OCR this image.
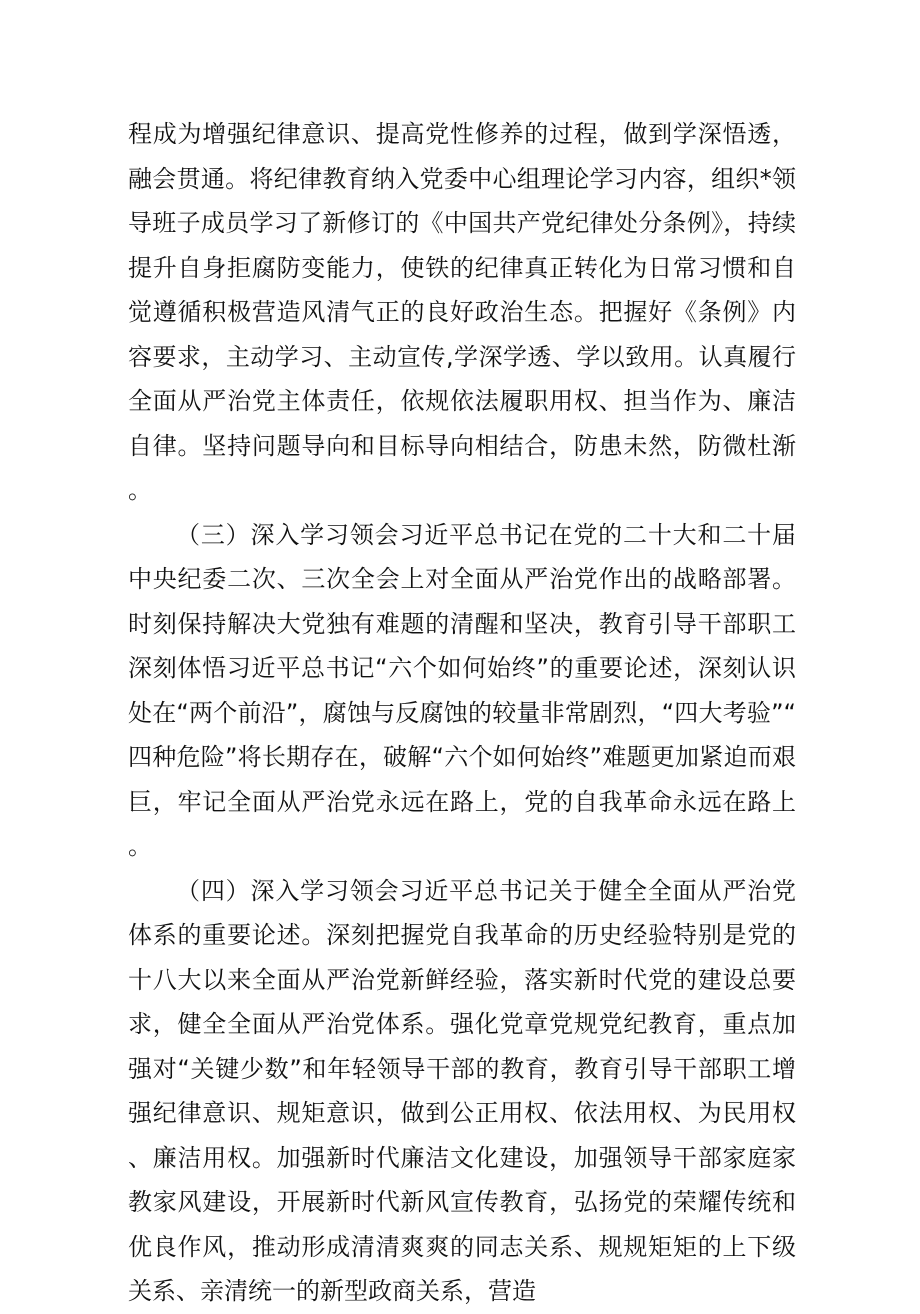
程成为增强纪律意识、提高党性修养的过程，做到学深悟透，融会贯通。将纪律教育纳入党委中心组理论学习内容，组织*领导班子成员学习了新修订的《中国共产党纪律处分条例》，持续提升自身拒腐防变能力，使铁的纪律真正转化为日常习惯和自觉遵循积极营造风清气正的良好政治生态。把握好《条例》内容要求，主动学习、主动宣传,学深学透、学以致用。认真履行全面从严治党主体责任，依规依法履职用权、担当作为、廉洁自律。坚持问题导向和目标导向相结合，防患未然，防微杜渐。

（三）深入学习领会习近平总书记在党的二十大和二十届中央纪委二次、三次全会上对全面从严治党作出的战略部署。时刻保持解决大党独有难题的清醒和坚决，教育引导干部职工深刻体悟习近平总书记“六个如何始终”的重要论述，深刻认识处在“两个前沿”，腐蚀与反腐蚀的较量非常剧烈，“四大考验”“四种危险”将长期存在，破解“六个如何始终”难题更加紧迫而艰巨，牢记全面从严治党永远在路上，党的自我革命永远在路上。

（四）深入学习领会习近平总书记关于健全全面从严治党体系的重要论述。深刻把握党自我革命的历史经验特别是党的十八大以来全面从严治党新鲜经验，落实新时代党的建设总要求，健全全面从严治党体系。强化党章党规党纪教育，重点加强对“关键少数”和年轻领导干部的教育，教育引导干部职工增强纪律意识、规矩意识，做到公正用权、依法用权、为民用权、廉洁用权。加强新时代廉洁文化建设，加强领导干部家庭家教家风建设，开展新时代新风宣传教育，弘扬党的荣耀传统和优良作风，推动形成清清爽爽的同志关系、规规矩矩的上下级关系、亲清统一的新型政商关系，营造
